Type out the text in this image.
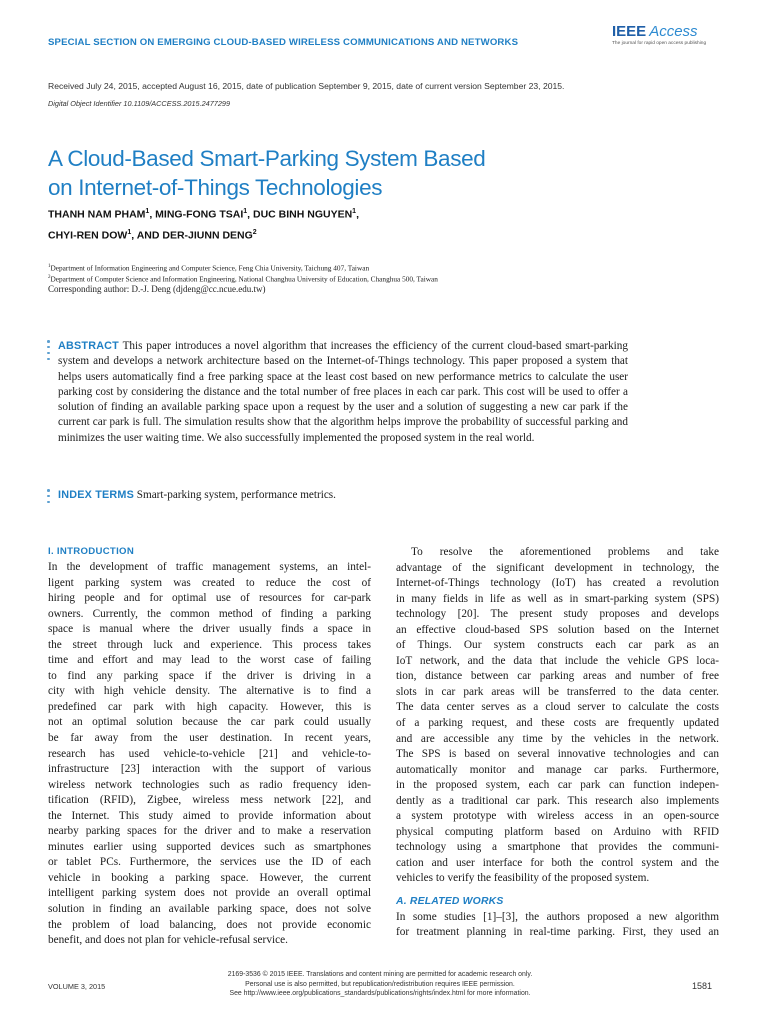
SPECIAL SECTION ON EMERGING CLOUD-BASED WIRELESS COMMUNICATIONS AND NETWORKS
IEEE Access
The journal for rapid open access publishing
Received July 24, 2015, accepted August 16, 2015, date of publication September 9, 2015, date of current version September 23, 2015.
Digital Object Identifier 10.1109/ACCESS.2015.2477299
A Cloud-Based Smart-Parking System Based
on Internet-of-Things Technologies
THANH NAM PHAM$^1$, MING-FONG TSAI$^1$, DUC BINH NGUYEN$^1$,
CHYI-REN DOW$^1$, AND DER-JIUNN DENG$^2$
$^1$Department of Information Engineering and Computer Science, Feng Chia University, Taichung 407, Taiwan
$^2$Department of Computer Science and Information Engineering, National Changhua University of Education, Changhua 500, Taiwan
Corresponding author: D.-J. Deng (djdeng@cc.ncue.edu.tw)

ABSTRACT This paper introduces a novel algorithm that increases the efficiency of the current cloud-based smart-parking system and develops a network architecture based on the Internet-of-Things technology. This paper proposed a system that helps users automatically find a free parking space at the least cost based on new performance metrics to calculate the user parking cost by considering the distance and the total number of free places in each car park. This cost will be used to offer a solution of finding an available parking space upon a request by the user and a solution of suggesting a new car park if the current car park is full. The simulation results show that the algorithm helps improve the probability of successful parking and minimizes the user waiting time. We also successfully implemented the proposed system in the real world.

INDEX TERMS Smart-parking system, performance metrics.
I. INTRODUCTION
In the development of traffic management systems, an intel-
ligent parking system was created to reduce the cost of
hiring people and for optimal use of resources for car-park
owners. Currently, the common method of finding a parking
space is manual where the driver usually finds a space in
the street through luck and experience. This process takes
time and effort and may lead to the worst case of failing
to find any parking space if the driver is driving in a
city with high vehicle density. The alternative is to find a
predefined car park with high capacity. However, this is
not an optimal solution because the car park could usually
be far away from the user destination. In recent years,
research has used vehicle-to-vehicle [21] and vehicle-to-
infrastructure [23] interaction with the support of various
wireless network technologies such as radio frequency iden-
tification (RFID), Zigbee, wireless mess network [22], and
the Internet. This study aimed to provide information about
nearby parking spaces for the driver and to make a reservation
minutes earlier using supported devices such as smartphones
or tablet PCs. Furthermore, the services use the ID of each
vehicle in booking a parking space. However, the current
intelligent parking system does not provide an overall optimal
solution in finding an available parking space, does not solve
the problem of load balancing, does not provide economic
benefit, and does not plan for vehicle-refusal service.
To resolve the aforementioned problems and take
advantage of the significant development in technology, the
Internet-of-Things technology (IoT) has created a revolution
in many fields in life as well as in smart-parking system (SPS)
technology [20]. The present study proposes and develops
an effective cloud-based SPS solution based on the Internet
of Things. Our system constructs each car park as an
IoT network, and the data that include the vehicle GPS loca-
tion, distance between car parking areas and number of free
slots in car park areas will be transferred to the data center.
The data center serves as a cloud server to calculate the costs
of a parking request, and these costs are frequently updated
and are accessible any time by the vehicles in the network.
The SPS is based on several innovative technologies and can
automatically monitor and manage car parks. Furthermore,
in the proposed system, each car park can function indepen-
dently as a traditional car park. This research also implements
a system prototype with wireless access in an open-source
physical computing platform based on Arduino with RFID
technology using a smartphone that provides the communi-
cation and user interface for both the control system and the
vehicles to verify the feasibility of the proposed system.
A. RELATED WORKS
In some studies [1]–[3], the authors proposed a new algorithm
for treatment planning in real-time parking. First, they used an
VOLUME 3, 2015
2169-3536 © 2015 IEEE. Translations and content mining are permitted for academic research only.
Personal use is also permitted, but republication/redistribution requires IEEE permission.
See http://www.ieee.org/publications_standards/publications/rights/index.html for more information.
1581
